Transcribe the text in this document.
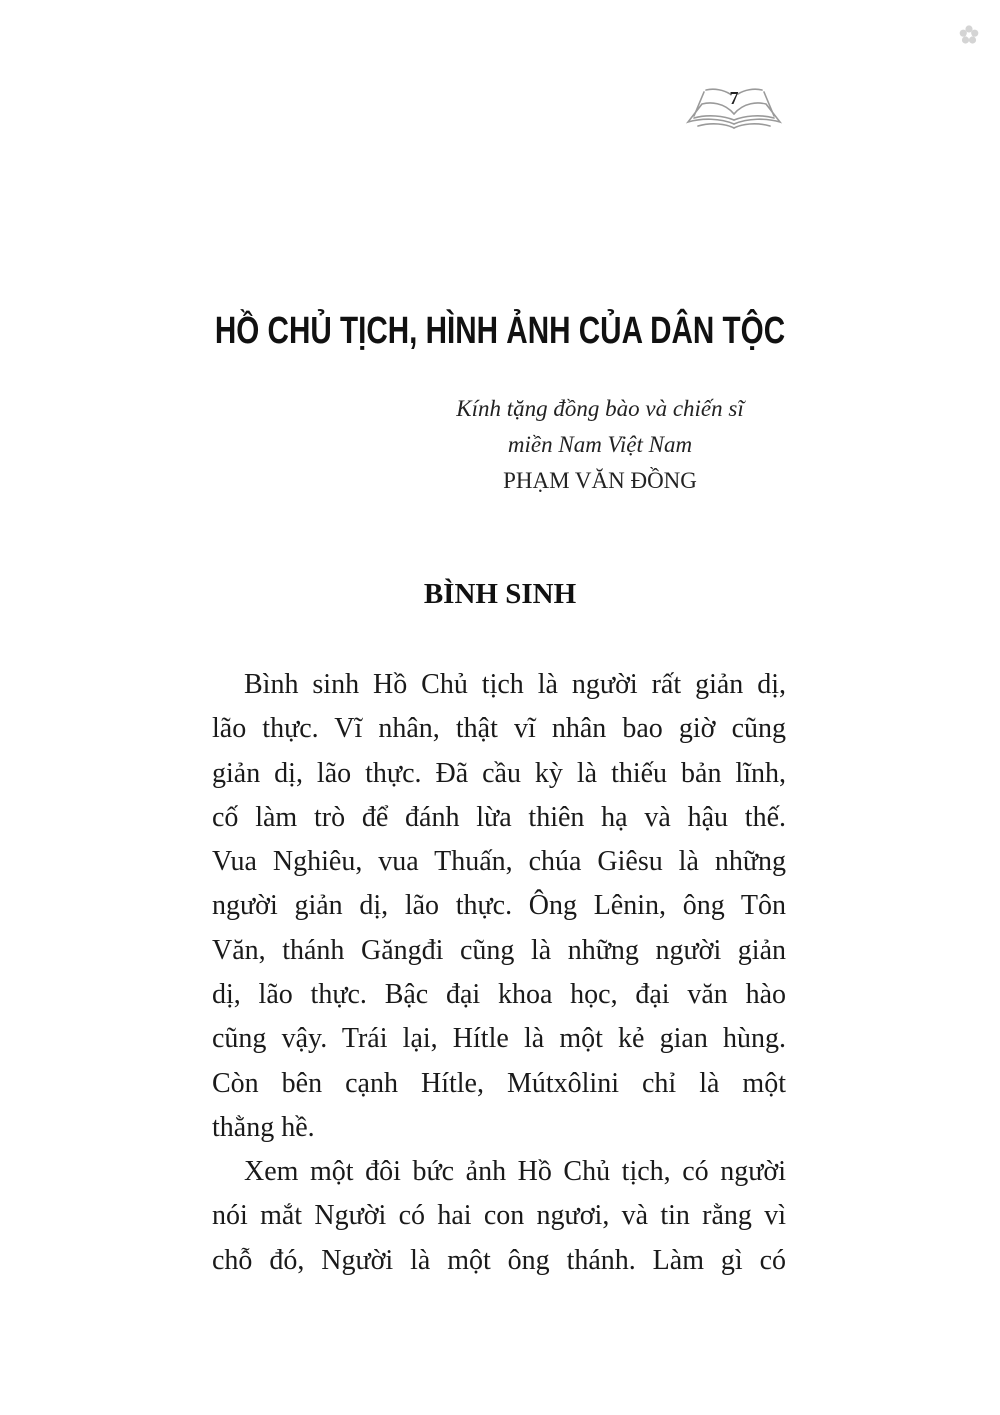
7
HỒ CHỦ TỊCH, HÌNH ẢNH CỦA DÂN TỘC
Kính tặng đồng bào và chiến sĩ
miền Nam Việt Nam
PHẠM VĂN ĐỒNG
BÌNH SINH
Bình sinh Hồ Chủ tịch là người rất giản dị,
lão thực. Vĩ nhân, thật vĩ nhân bao giờ cũng
giản dị, lão thực. Đã cầu kỳ là thiếu bản lĩnh,
cố làm trò để đánh lừa thiên hạ và hậu thế.
Vua Nghiêu, vua Thuấn, chúa Giêsu là những
người giản dị, lão thực. Ông Lênin, ông Tôn
Văn, thánh Găngđi cũng là những người giản
dị, lão thực. Bậc đại khoa học, đại văn hào
cũng vậy. Trái lại, Hítle là một kẻ gian hùng.
Còn bên cạnh Hítle, Mútxôlini chỉ là một
thằng hề.
Xem một đôi bức ảnh Hồ Chủ tịch, có người
nói mắt Người có hai con ngươi, và tin rằng vì
chỗ đó, Người là một ông thánh. Làm gì có
